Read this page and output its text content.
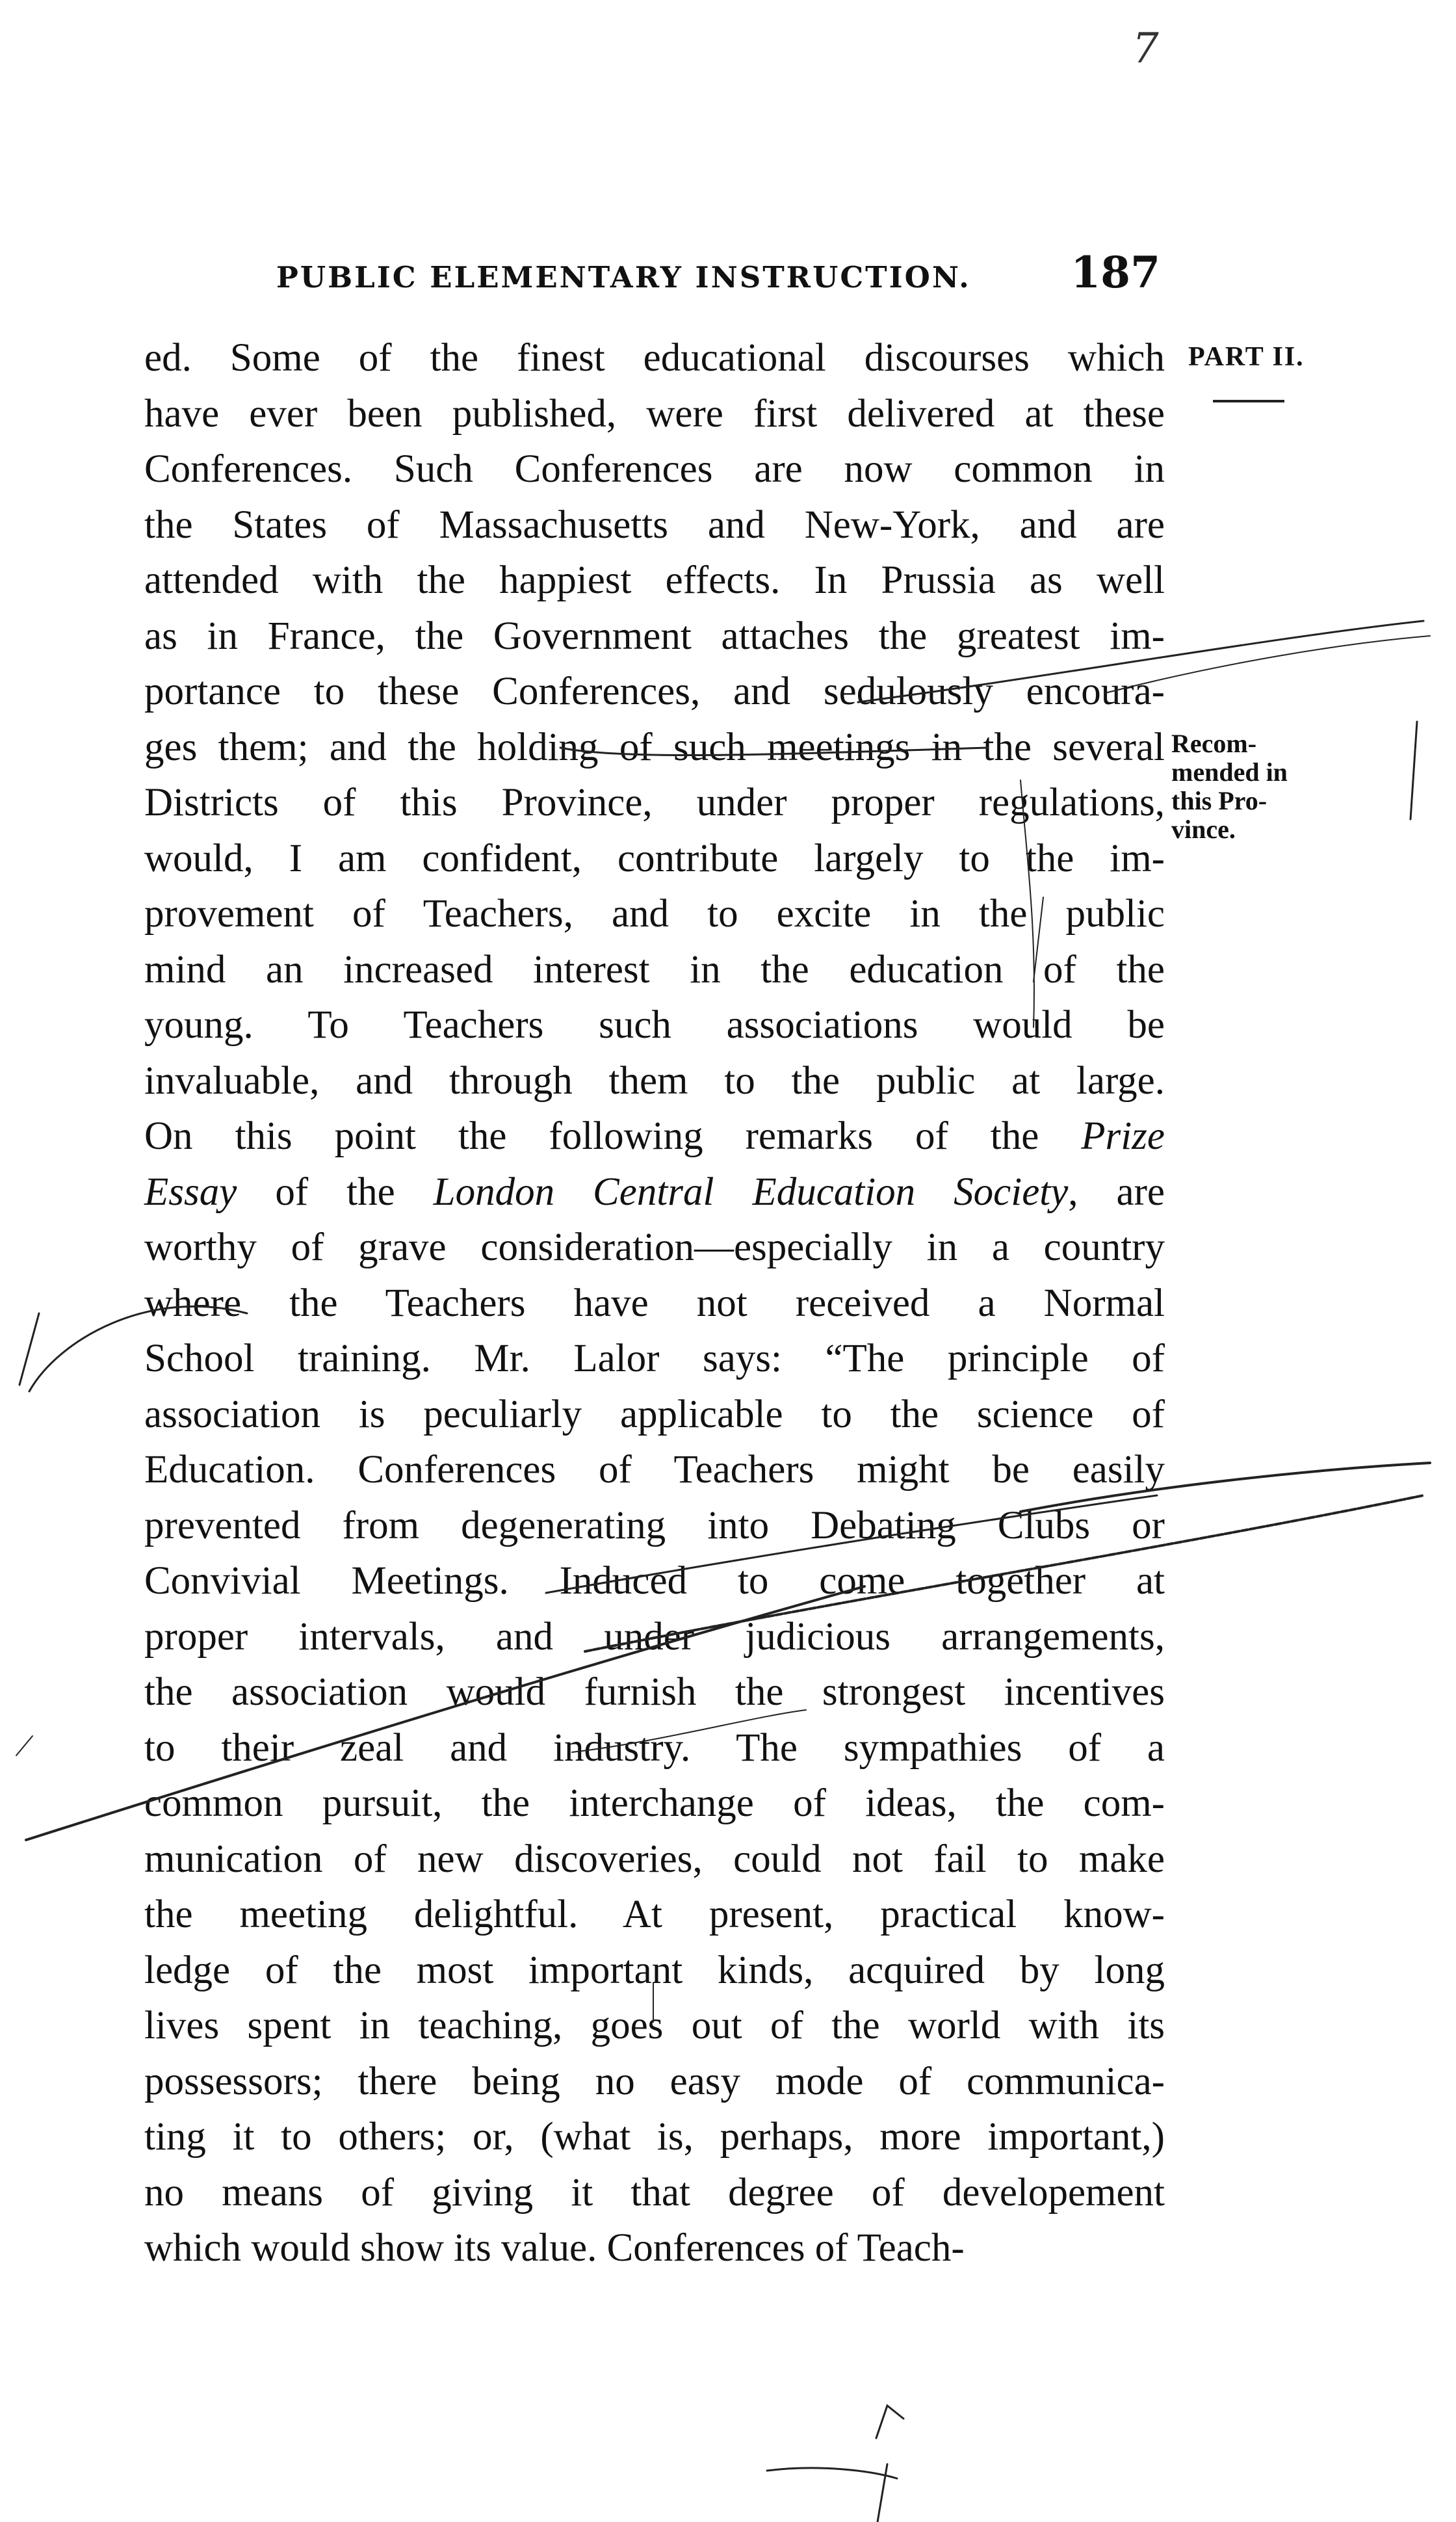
7
PUBLIC ELEMENTARY INSTRUCTION. 187
ed. Some of the finest educational discourses which
have ever been published, were first delivered at these
Conferences. Such Conferences are now common in
the States of Massachusetts and New-York, and are
attended with the happiest effects. In Prussia as well
as in France, the Government attaches the greatest im-
portance to these Conferences, and sedulously encoura-
ges them; and the holding of such meetings in the several
Districts of this Province, under proper regulations,
would, I am confident, contribute largely to the im-
provement of Teachers, and to excite in the public
mind an increased interest in the education of the
young. To Teachers such associations would be
invaluable, and through them to the public at large.
On this point the following remarks of the Prize
Essay of the London Central Education Society, are
worthy of grave consideration—especially in a country
where the Teachers have not received a Normal
School training. Mr. Lalor says: “The principle of
association is peculiarly applicable to the science of
Education. Conferences of Teachers might be easily
prevented from degenerating into Debating Clubs or
Convivial Meetings. Induced to come together at
proper intervals, and under judicious arrangements,
the association would furnish the strongest incentives
to their zeal and industry. The sympathies of a
common pursuit, the interchange of ideas, the com-
munication of new discoveries, could not fail to make
the meeting delightful. At present, practical know-
ledge of the most important kinds, acquired by long
lives spent in teaching, goes out of the world with its
possessors; there being no easy mode of communica-
ting it to others; or, (what is, perhaps, more important,)
no means of giving it that degree of developement
which would show its value. Conferences of Teach-
PART II.
Recom-
mended in
this Pro-
vince.
